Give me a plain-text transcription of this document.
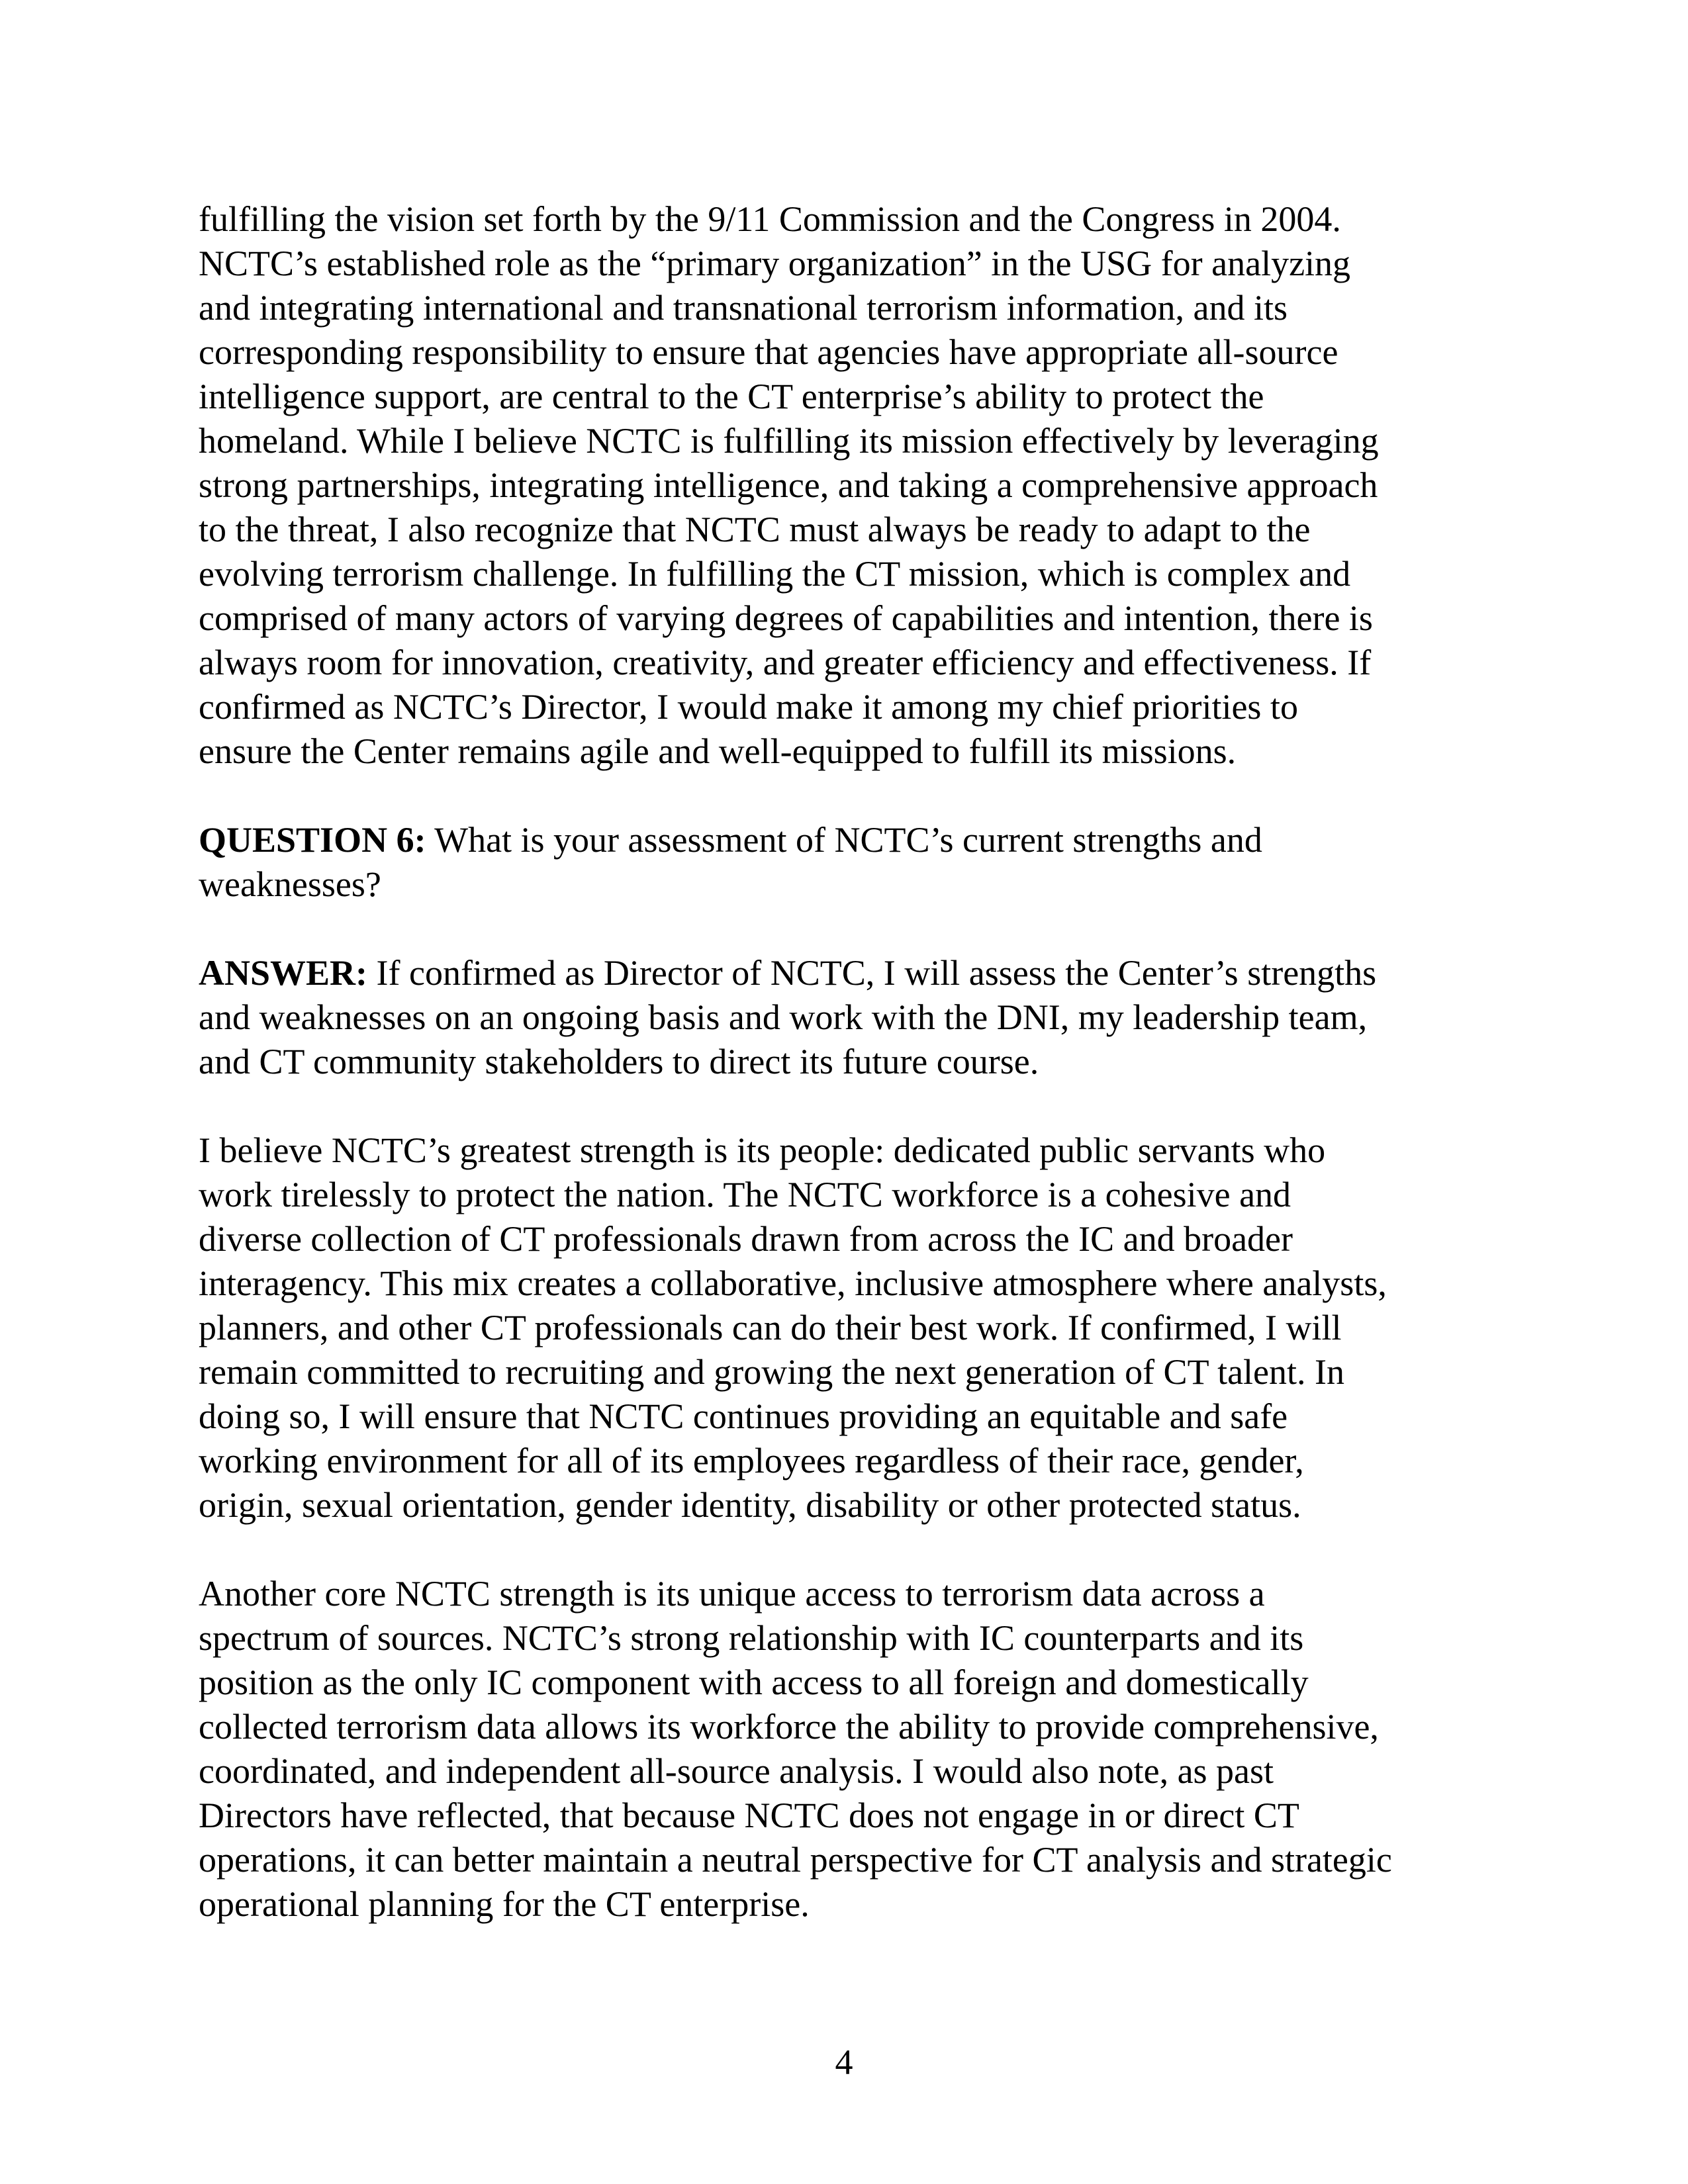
fulfilling the vision set forth by the 9/11 Commission and the Congress in 2004.
NCTC’s established role as the “primary organization” in the USG for analyzing
and integrating international and transnational terrorism information, and its
corresponding responsibility to ensure that agencies have appropriate all-source
intelligence support, are central to the CT enterprise’s ability to protect the
homeland. While I believe NCTC is fulfilling its mission effectively by leveraging
strong partnerships, integrating intelligence, and taking a comprehensive approach
to the threat, I also recognize that NCTC must always be ready to adapt to the
evolving terrorism challenge. In fulfilling the CT mission, which is complex and
comprised of many actors of varying degrees of capabilities and intention, there is
always room for innovation, creativity, and greater efficiency and effectiveness. If
confirmed as NCTC’s Director, I would make it among my chief priorities to
ensure the Center remains agile and well-equipped to fulfill its missions.
QUESTION 6: What is your assessment of NCTC’s current strengths and
weaknesses?
ANSWER: If confirmed as Director of NCTC, I will assess the Center’s strengths
and weaknesses on an ongoing basis and work with the DNI, my leadership team,
and CT community stakeholders to direct its future course.
I believe NCTC’s greatest strength is its people: dedicated public servants who
work tirelessly to protect the nation. The NCTC workforce is a cohesive and
diverse collection of CT professionals drawn from across the IC and broader
interagency. This mix creates a collaborative, inclusive atmosphere where analysts,
planners, and other CT professionals can do their best work. If confirmed, I will
remain committed to recruiting and growing the next generation of CT talent. In
doing so, I will ensure that NCTC continues providing an equitable and safe
working environment for all of its employees regardless of their race, gender,
origin, sexual orientation, gender identity, disability or other protected status.
Another core NCTC strength is its unique access to terrorism data across a
spectrum of sources. NCTC’s strong relationship with IC counterparts and its
position as the only IC component with access to all foreign and domestically
collected terrorism data allows its workforce the ability to provide comprehensive,
coordinated, and independent all-source analysis. I would also note, as past
Directors have reflected, that because NCTC does not engage in or direct CT
operations, it can better maintain a neutral perspective for CT analysis and strategic
operational planning for the CT enterprise.
4
